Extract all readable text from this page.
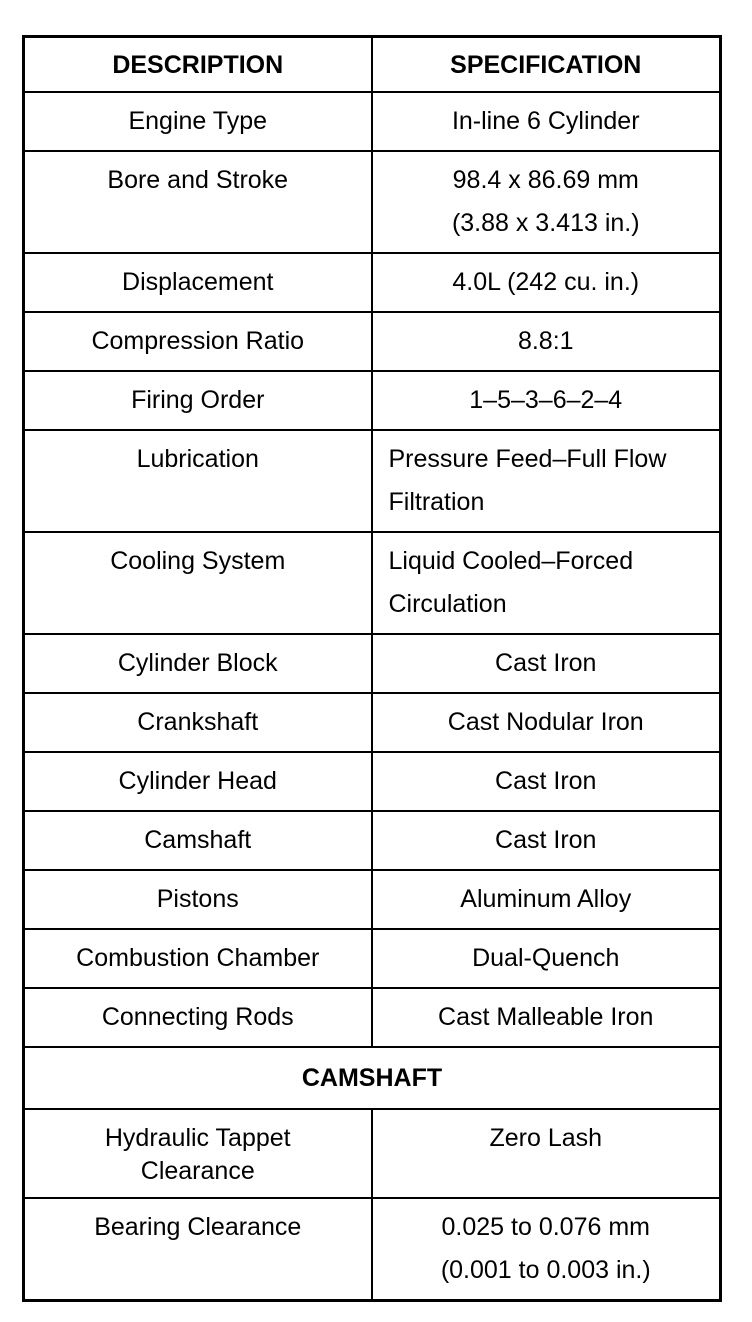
DESCRIPTION	SPECIFICATION

Engine Type	In-line 6 Cylinder

Bore and Stroke	98.4 x 86.69 mm
(3.88 x 3.413 in.)

Displacement	4.0L (242 cu. in.)

Compression Ratio	8.8:1

Firing Order	1–5–3–6–2–4

Lubrication	Pressure Feed–Full Flow
Filtration

Cooling System	Liquid Cooled–Forced
Circulation

Cylinder Block	Cast Iron

Crankshaft	Cast Nodular Iron

Cylinder Head	Cast Iron

Camshaft	Cast Iron

Pistons	Aluminum Alloy

Combustion Chamber	Dual-Quench

Connecting Rods	Cast Malleable Iron

CAMSHAFT	

Hydraulic Tappet
Clearance	Zero Lash

Bearing Clearance	0.025 to 0.076 mm
(0.001 to 0.003 in.)
